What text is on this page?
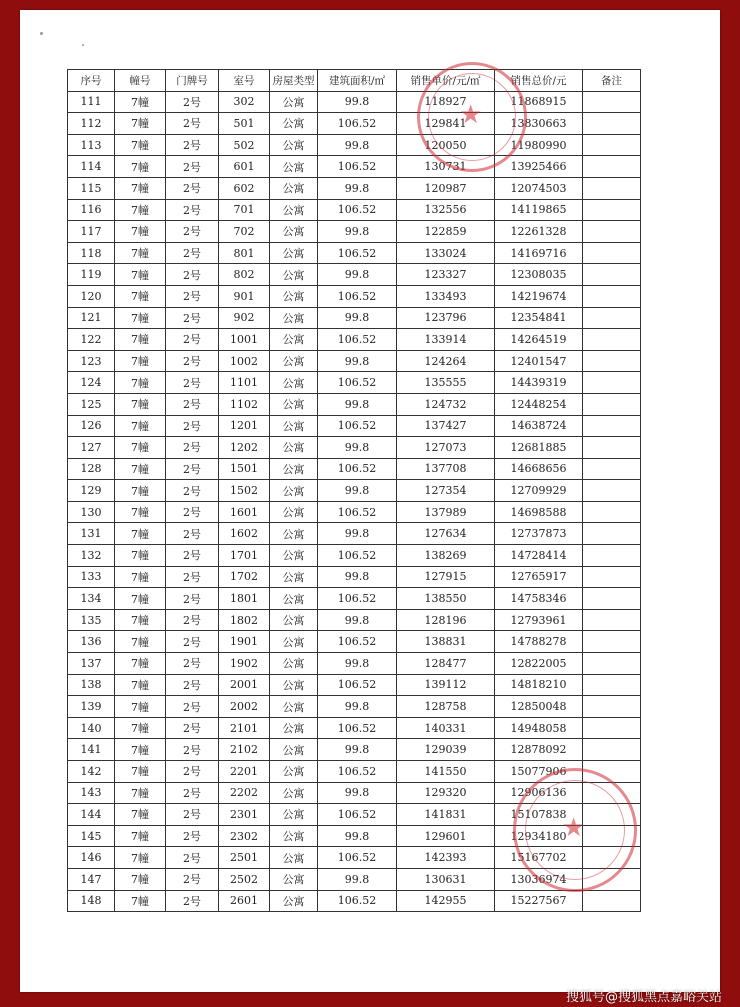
序号	幢号	门牌号	室号	房屋类型	建筑面积/㎡	销售单价/元/㎡	销售总价/元	备注
111	7幢	2号	302	公寓	99.8	118927	11868915	
112	7幢	2号	501	公寓	106.52	129841	13830663	
113	7幢	2号	502	公寓	99.8	120050	11980990	
114	7幢	2号	601	公寓	106.52	130731	13925466	
115	7幢	2号	602	公寓	99.8	120987	12074503	
116	7幢	2号	701	公寓	106.52	132556	14119865	
117	7幢	2号	702	公寓	99.8	122859	12261328	
118	7幢	2号	801	公寓	106.52	133024	14169716	
119	7幢	2号	802	公寓	99.8	123327	12308035	
120	7幢	2号	901	公寓	106.52	133493	14219674	
121	7幢	2号	902	公寓	99.8	123796	12354841	
122	7幢	2号	1001	公寓	106.52	133914	14264519	
123	7幢	2号	1002	公寓	99.8	124264	12401547	
124	7幢	2号	1101	公寓	106.52	135555	14439319	
125	7幢	2号	1102	公寓	99.8	124732	12448254	
126	7幢	2号	1201	公寓	106.52	137427	14638724	
127	7幢	2号	1202	公寓	99.8	127073	12681885	
128	7幢	2号	1501	公寓	106.52	137708	14668656	
129	7幢	2号	1502	公寓	99.8	127354	12709929	
130	7幢	2号	1601	公寓	106.52	137989	14698588	
131	7幢	2号	1602	公寓	99.8	127634	12737873	
132	7幢	2号	1701	公寓	106.52	138269	14728414	
133	7幢	2号	1702	公寓	99.8	127915	12765917	
134	7幢	2号	1801	公寓	106.52	138550	14758346	
135	7幢	2号	1802	公寓	99.8	128196	12793961	
136	7幢	2号	1901	公寓	106.52	138831	14788278	
137	7幢	2号	1902	公寓	99.8	128477	12822005	
138	7幢	2号	2001	公寓	106.52	139112	14818210	
139	7幢	2号	2002	公寓	99.8	128758	12850048	
140	7幢	2号	2101	公寓	106.52	140331	14948058	
141	7幢	2号	2102	公寓	99.8	129039	12878092	
142	7幢	2号	2201	公寓	106.52	141550	15077906	
143	7幢	2号	2202	公寓	99.8	129320	12906136	
144	7幢	2号	2301	公寓	106.52	141831	15107838	
145	7幢	2号	2302	公寓	99.8	129601	12934180	
146	7幢	2号	2501	公寓	106.52	142393	15167702	
147	7幢	2号	2502	公寓	99.8	130631	13036974	
148	7幢	2号	2601	公寓	106.52	142955	15227567	
★
★
搜狐号@搜狐黑点嘉峪关站
